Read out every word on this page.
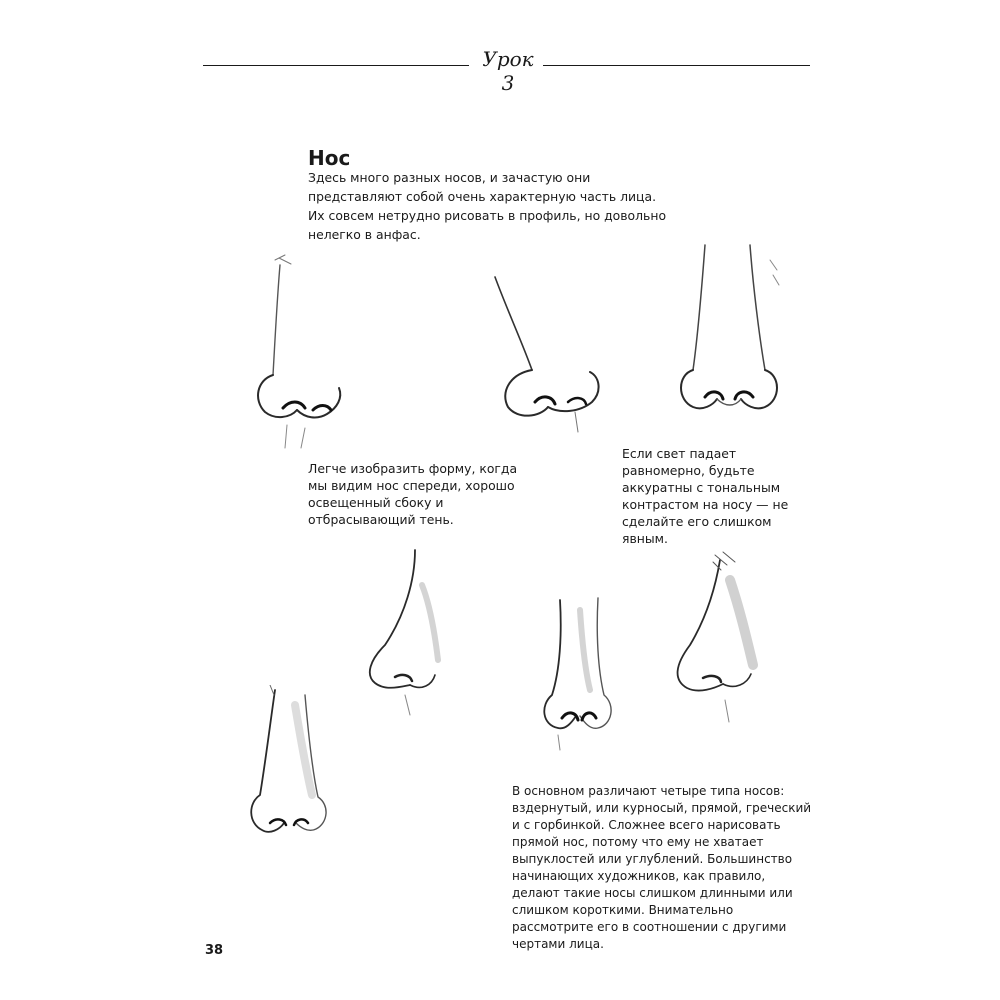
Урок 3
Нос
Здесь много разных носов, и зачастую они представляют собой очень характерную часть лица. Их совсем нетрудно рисовать в профиль, но довольно нелегко в анфас.
Легче изобразить форму, когда мы видим нос спереди, хорошо освещенный сбоку и отбрасывающий тень.
Если свет падает равномерно, будьте аккуратны с тональным контрастом на носу — не сделайте его слишком явным.
В основном различают четыре типа носов: вздернутый, или курносый, прямой, греческий и с горбинкой. Сложнее всего нарисовать прямой нос, потому что ему не хватает выпуклостей или углублений. Большинство начинающих художников, как правило, делают такие носы слишком длинными или слишком короткими. Внимательно рассмотрите его в соотношении с другими чертами лица.
38
